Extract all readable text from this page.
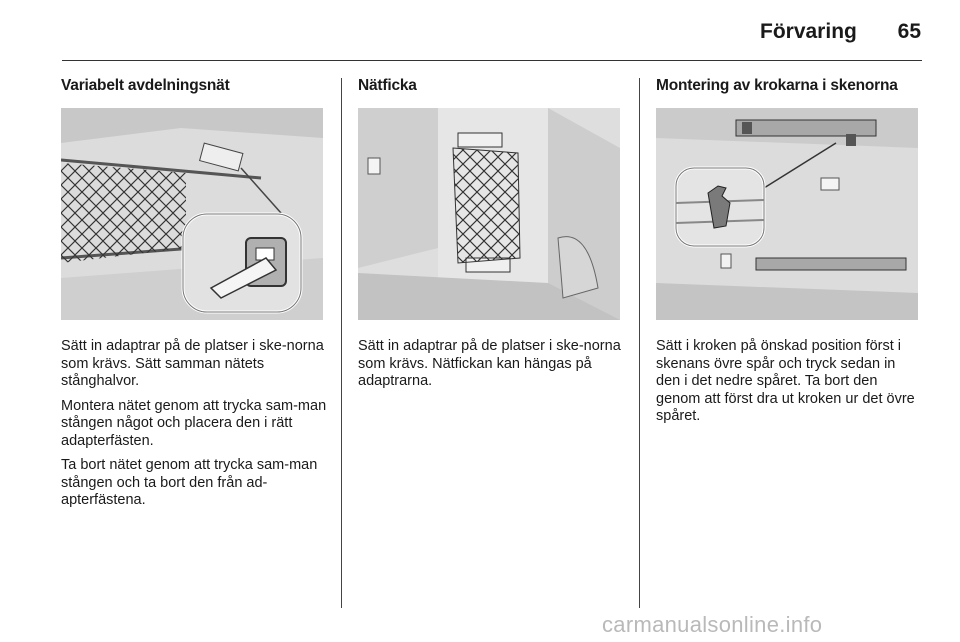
Förvaring	65
Variabelt avdelningsnät

Sätt in adaptrar på de platser i ske-norna som krävs. Sätt samman nätets stånghalvor.

Montera nätet genom att trycka sam-man stången något och placera den i rätt adapterfästen.

Ta bort nätet genom att trycka sam-man stången och ta bort den från ad-apterfästena.

Nätficka

Sätt in adaptrar på de platser i ske-norna som krävs. Nätfickan kan hängas på adaptrarna.

Montering av krokarna i skenorna

Sätt i kroken på önskad position först i skenans övre spår och tryck sedan in den i det nedre spåret. Ta bort den genom att först dra ut kroken ur det övre spåret.

carmanualsonline.info
